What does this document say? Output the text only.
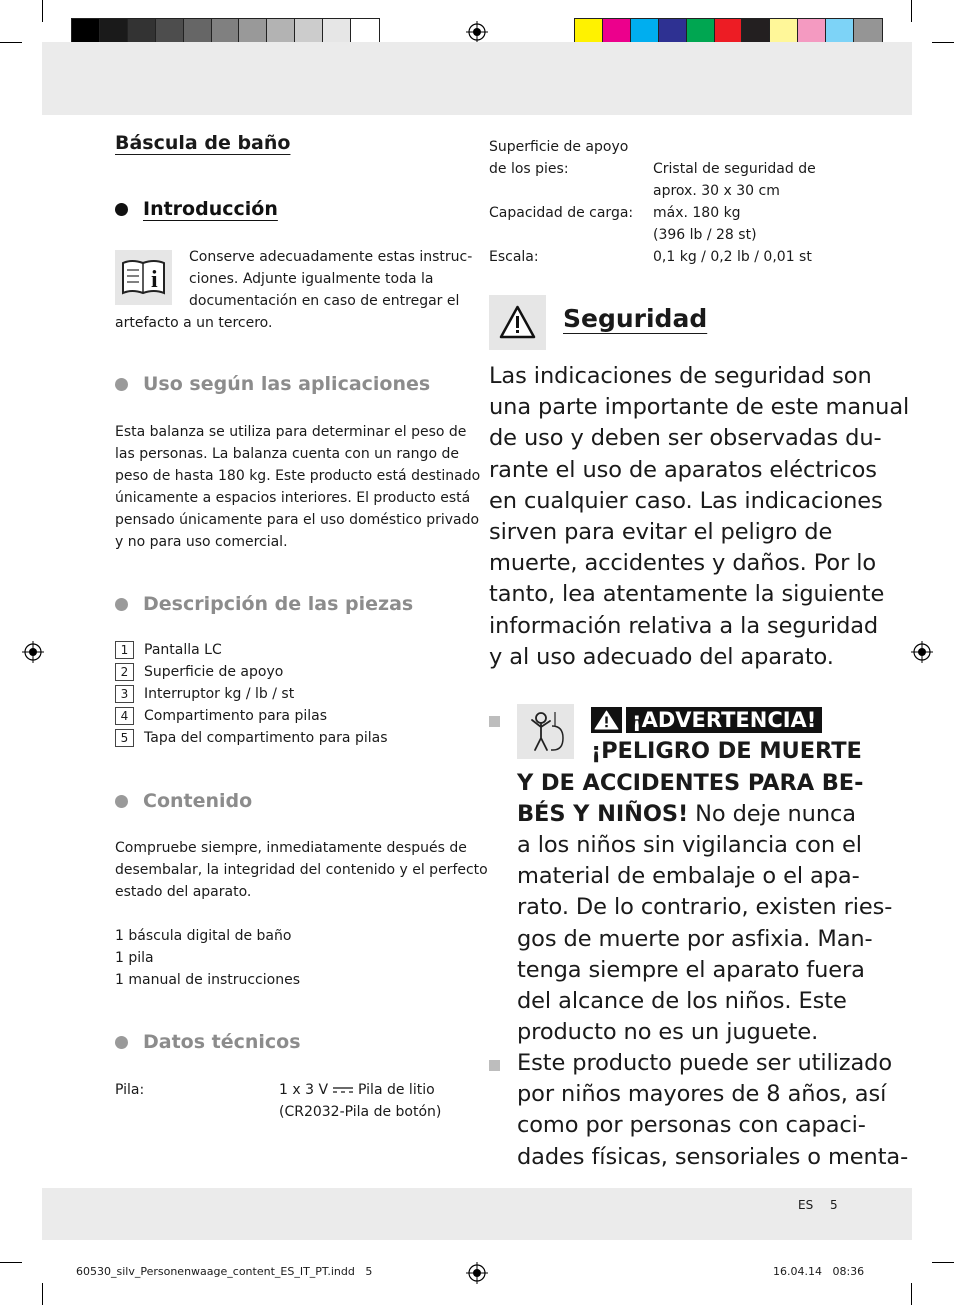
Báscula de baño
Introducción
i
Conserve adecuadamente estas instruc-
ciones. Adjunte igualmente toda la
documentación en caso de entregar el
artefacto a un tercero.
Uso según las aplicaciones
Esta balanza se utiliza para determinar el peso de
las personas. La balanza cuenta con un rango de
peso de hasta 180 kg. Este producto está destinado
únicamente a espacios interiores. El producto está
pensado únicamente para el uso doméstico privado
y no para uso comercial.
Descripción de las piezas
1	Pantalla LC
2	Superficie de apoyo
3	Interruptor kg / lb / st
4	Compartimento para pilas
5	Tapa del compartimento para pilas
Contenido
Compruebe siempre, inmediatamente después de
desembalar, la integridad del contenido y el perfecto
estado del aparato.
1 báscula digital de baño
1 pila
1 manual de instrucciones
Datos técnicos
Pila:	1 x 3 V Pila de litio
(CR2032-Pila de botón)
Superficie de apoyo
de los pies:	Cristal de seguridad de
aprox. 30 x 30 cm
Capacidad de carga: máx. 180 kg
(396 lb / 28 st)
Escala:	0,1 kg / 0,2 lb / 0,01 st
Seguridad
Las indicaciones de seguridad son
una parte importante de este manual
de uso y deben ser observadas du-
rante el uso de aparatos eléctricos
en cualquier caso. Las indicaciones
sirven para evitar el peligro de
muerte, accidentes y daños. Por lo
tanto, lea atentamente la siguiente
información relativa a la seguridad
y al uso adecuado del aparato.
¡ADVERTENCIA!
¡PELIGRO DE MUERTE
Y DE ACCIDENTES PARA BE-
BÉS Y NIÑOS! No deje nunca
a los niños sin vigilancia con el
material de embalaje o el apa-
rato. De lo contrario, existen ries-
gos de muerte por asfixia. Man-
tenga siempre el aparato fuera
del alcance de los niños. Este
producto no es un juguete.
Este producto puede ser utilizado
por niños mayores de 8 años, así
como por personas con capaci-
dades físicas, sensoriales o menta-
ES 5
60530_silv_Personenwaage_content_ES_IT_PT.indd   5	16.04.14   08:36
